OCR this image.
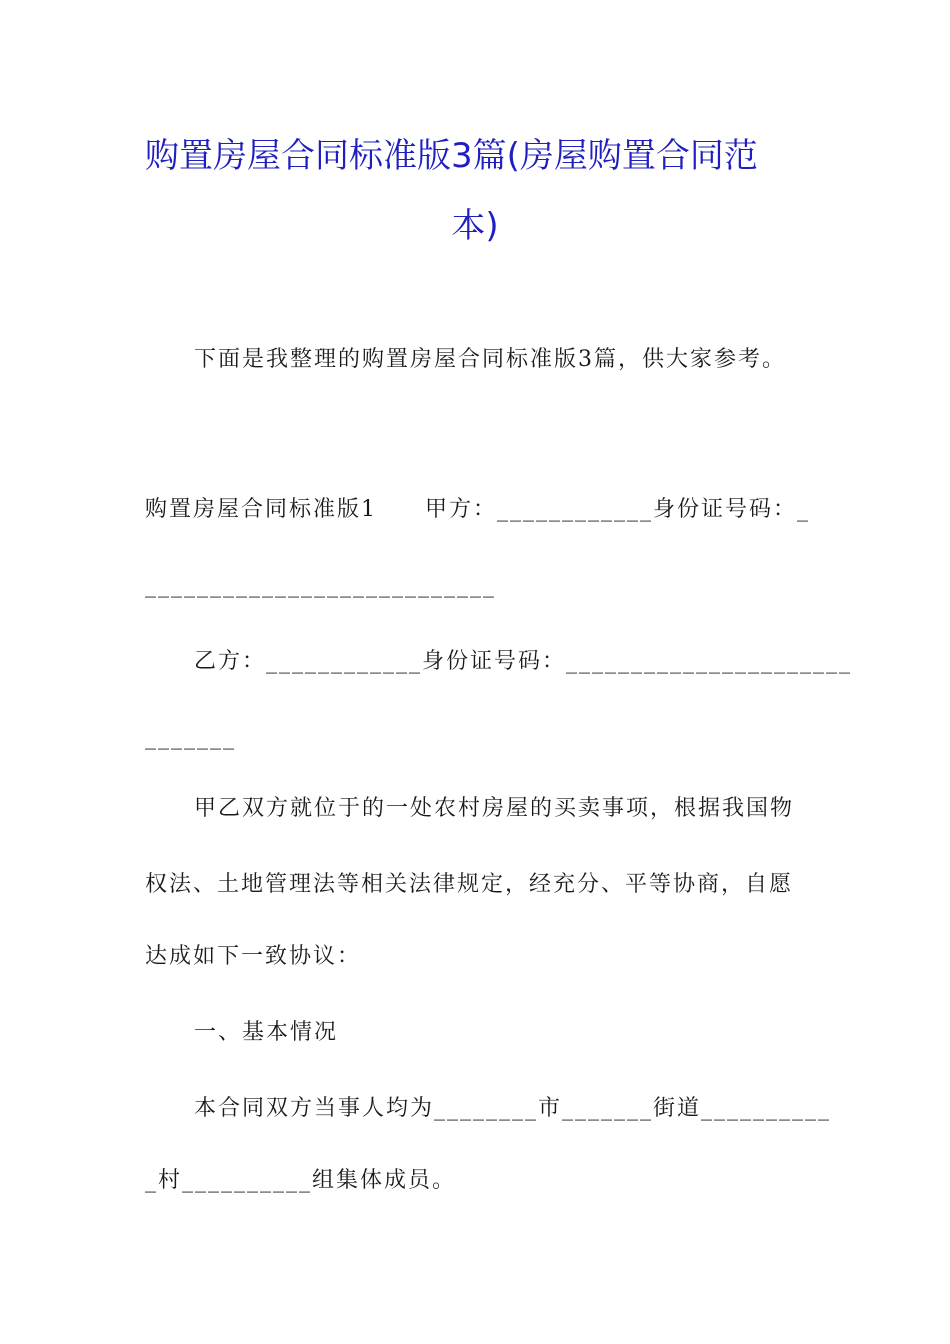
购置房屋合同标准版3篇(房屋购置合同范
本)
下面是我整理的购置房屋合同标准版3篇，供大家参考。
购置房屋合同标准版1　　甲方：____________身份证号码：_
___________________________
乙方：____________身份证号码：______________________
_______
甲乙双方就位于的一处农村房屋的买卖事项，根据我国物
权法、土地管理法等相关法律规定，经充分、平等协商，自愿
达成如下一致协议：
一、基本情况
本合同双方当事人均为________市_______街道__________
_村__________组集体成员。
